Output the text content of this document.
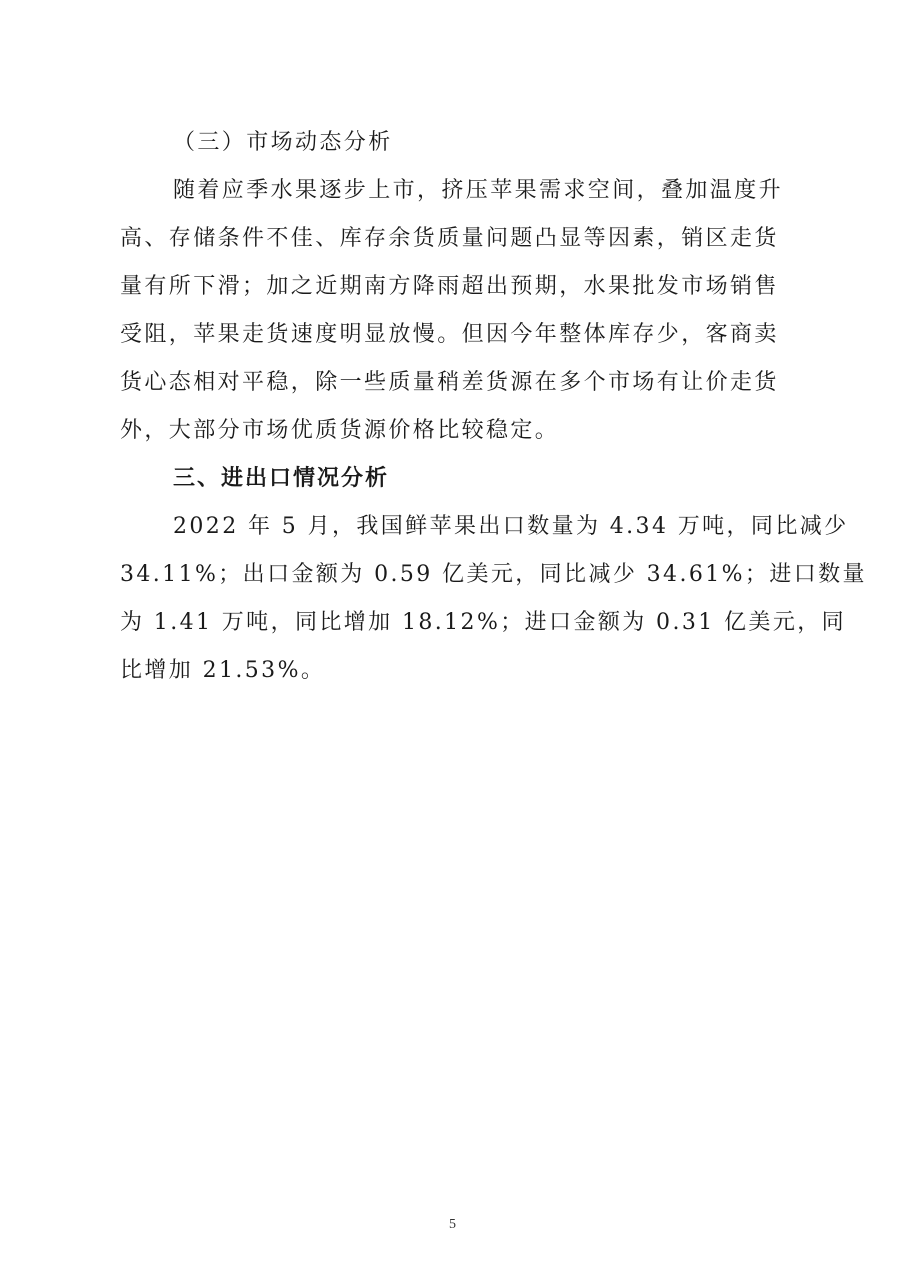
（三）市场动态分析

随着应季水果逐步上市，挤压苹果需求空间，叠加温度升

高、存储条件不佳、库存余货质量问题凸显等因素，销区走货

量有所下滑；加之近期南方降雨超出预期，水果批发市场销售

受阻，苹果走货速度明显放慢。但因今年整体库存少，客商卖

货心态相对平稳，除一些质量稍差货源在多个市场有让价走货

外，大部分市场优质货源价格比较稳定。

三、进出口情况分析

2022 年 5 月，我国鲜苹果出口数量为 4.34 万吨，同比减少

34.11%；出口金额为 0.59 亿美元，同比减少 34.61%；进口数量

为 1.41 万吨，同比增加 18.12%；进口金额为 0.31 亿美元，同

比增加 21.53%。

5
